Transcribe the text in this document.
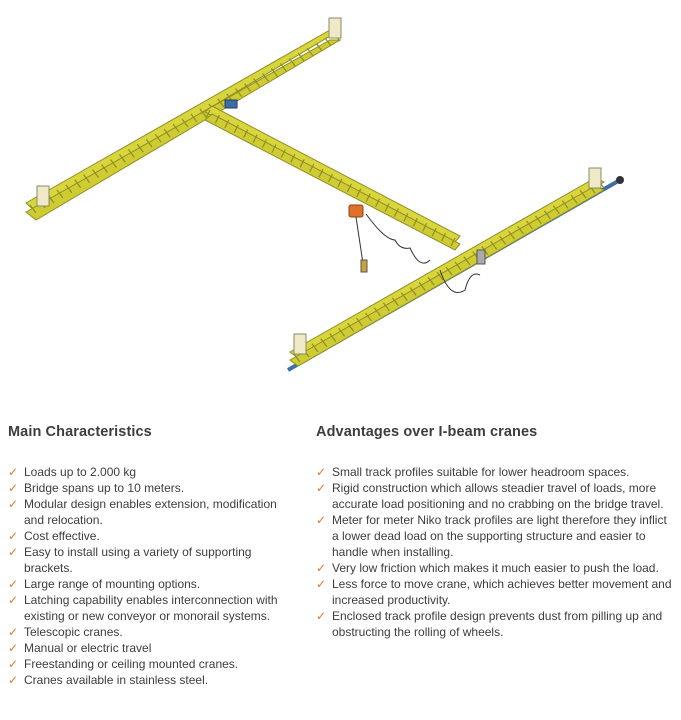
Main Characteristics
✓ Loads up to 2.000 kg
✓ Bridge spans up to 10 meters.
✓ Modular design enables extension, modification and relocation.
✓ Cost effective.
✓ Easy to install using a variety of supporting brackets.
✓ Large range of mounting options.
✓ Latching capability enables interconnection with existing or new conveyor or monorail systems.
✓ Telescopic cranes.
✓ Manual or electric travel
✓ Freestanding or ceiling mounted cranes.
✓ Cranes available in stainless steel.
Advantages over I-beam cranes
✓ Small track profiles suitable for lower headroom spaces.
✓ Rigid construction which allows steadier travel of loads, more accurate load positioning and no crabbing on the bridge travel.
✓ Meter for meter Niko track profiles are light therefore they inflict a lower dead load on the supporting structure and easier to handle when installing.
✓ Very low friction which makes it much easier to push the load.
✓ Less force to move crane, which achieves better movement and increased productivity.
✓ Enclosed track profile design prevents dust from pilling up and obstructing the rolling of wheels.
